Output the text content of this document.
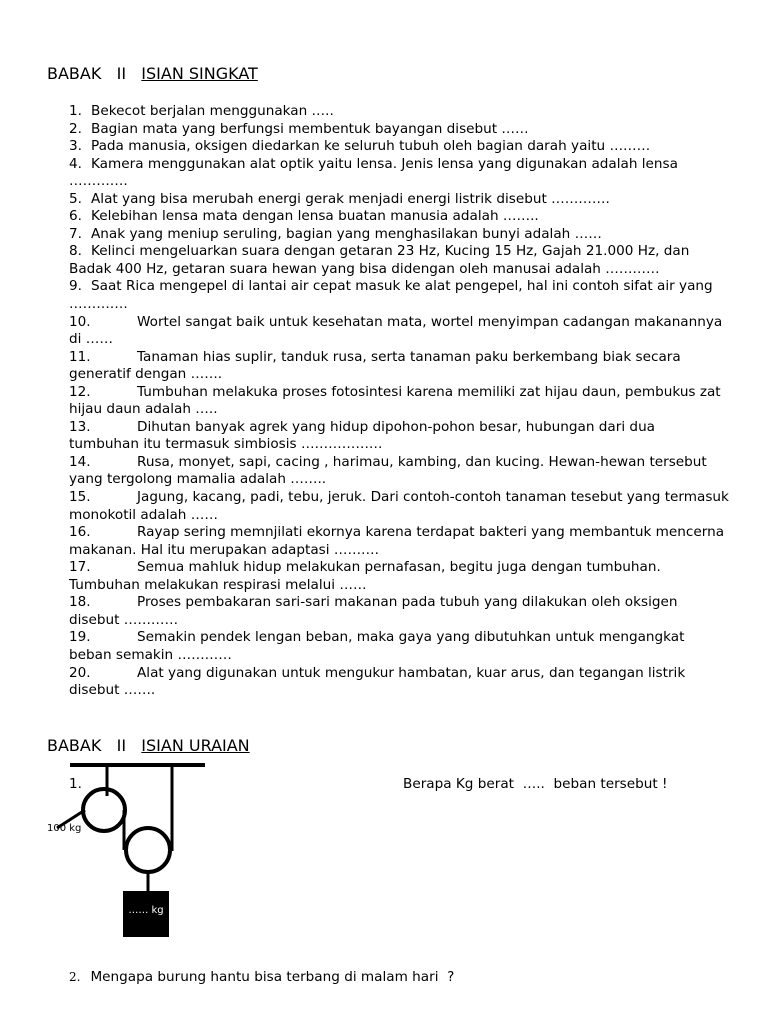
BABAK   II ISIAN SINGKAT

1. Bekecot berjalan menggunakan …..

2. Bagian mata yang berfungsi membentuk bayangan disebut ……

3. Pada manusia, oksigen diedarkan ke seluruh tubuh oleh bagian darah yaitu ………

4. Kamera menggunakan alat optik yaitu lensa. Jenis lensa yang digunakan adalah lensa ………….

5. Alat yang bisa merubah energi gerak menjadi energi listrik disebut ………….

6. Kelebihan lensa mata dengan lensa buatan manusia adalah ……..

7. Anak yang meniup seruling, bagian yang menghasilakan bunyi adalah ……

8. Kelinci mengeluarkan suara dengan getaran 23 Hz, Kucing 15 Hz, Gajah 21.000 Hz, dan Badak 400 Hz, getaran suara hewan yang bisa didengan oleh manusai adalah …………

9. Saat Rica mengepel di lantai air cepat masuk ke alat pengepel, hal ini contoh sifat air yang ………….

10.	Wortel sangat baik untuk kesehatan mata, wortel menyimpan cadangan makanannya di ……

11.	Tanaman hias suplir, tanduk rusa, serta tanaman paku berkembang biak secara generatif dengan …….

12.	Tumbuhan melakuka proses fotosintesi karena memiliki zat hijau daun, pembukus zat hijau daun adalah …..

13.	Dihutan banyak agrek yang hidup dipohon-pohon besar, hubungan dari dua tumbuhan itu termasuk simbiosis ………………

14.	Rusa, monyet, sapi, cacing , harimau, kambing, dan kucing. Hewan-hewan tersebut yang tergolong mamalia adalah ……..

15.	Jagung, kacang, padi, tebu, jeruk. Dari contoh-contoh tanaman tesebut yang termasuk monokotil adalah ……

16.	Rayap sering memnjilati ekornya karena terdapat bakteri yang membantuk mencerna makanan. Hal itu merupakan adaptasi ……….

17.	Semua mahluk hidup melakukan pernafasan, begitu juga dengan tumbuhan. Tumbuhan melakukan respirasi melalui ……

18.	Proses pembakaran sari-sari makanan pada tubuh yang dilakukan oleh oksigen disebut …………

19.	Semakin pendek lengan beban, maka gaya yang dibutuhkan untuk mengangkat beban semakin …………

20.	Alat yang digunakan untuk mengukur hambatan, kuar arus, dan tegangan listrik disebut …….

BABAK   II ISIAN URAIAN
1.
100 kg
…… kg
Berapa Kg berat  …..  beban tersebut !
2. Mengapa burung hantu bisa terbang di malam hari  ?
